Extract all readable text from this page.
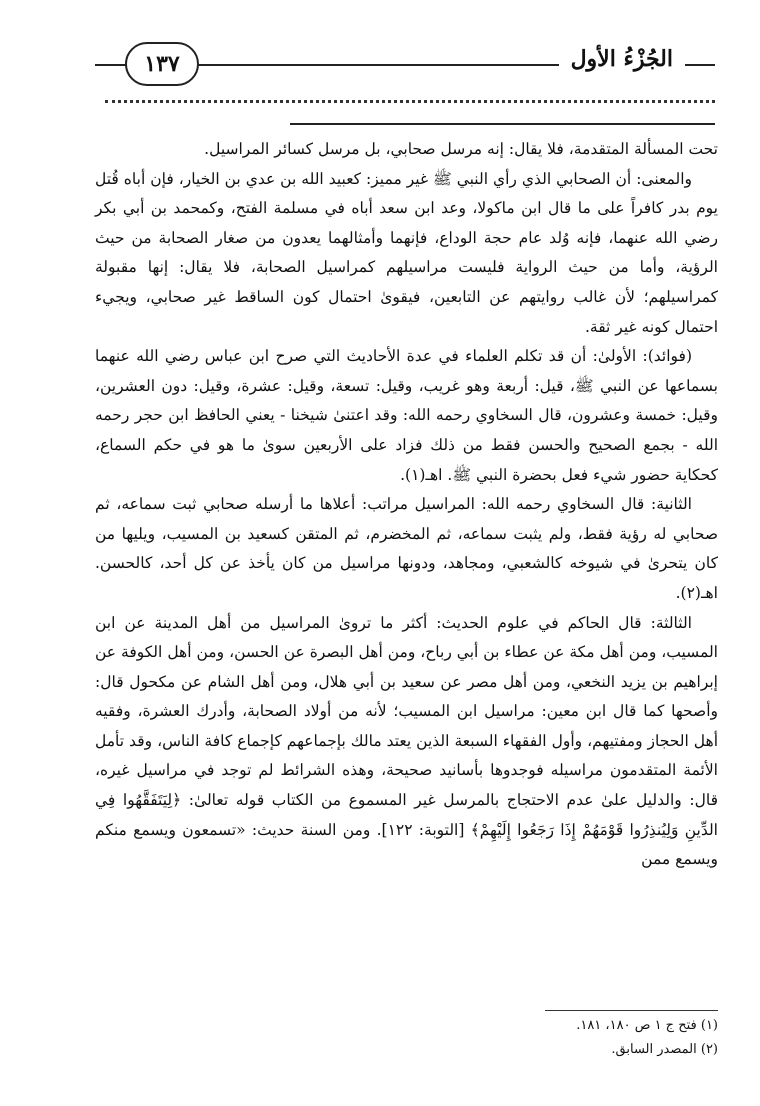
الجُزْءُ الأول
١٣٧

تحت المسألة المتقدمة، فلا يقال: إنه مرسل صحابي، بل مرسل كسائر المراسيل.

والمعنى: أن الصحابي الذي رأي النبي ﷺ غير مميز: كعبيد الله بن عدي بن الخيار، فإن أباه قُتل يوم بدر كافراً على ما قال ابن ماكولا، وعد ابن سعد أباه في مسلمة الفتح، وكمحمد بن أبي بكر رضي الله عنهما، فإنه وُلد عام حجة الوداع، فإنهما وأمثالهما يعدون من صغار الصحابة من حيث الرؤية، وأما من حيث الرواية فليست مراسيلهم كمراسيل الصحابة، فلا يقال: إنها مقبولة كمراسيلهم؛ لأن غالب روايتهم عن التابعين، فيقوىٰ احتمال كون الساقط غير صحابي، ويجيء احتمال كونه غير ثقة.

(فوائد): الأولىٰ: أن قد تكلم العلماء في عدة الأحاديث التي صرح ابن عباس رضي الله عنهما بسماعها عن النبي ﷺ، قيل: أربعة وهو غريب، وقيل: تسعة، وقيل: عشرة، وقيل: دون العشرين، وقيل: خمسة وعشرون، قال السخاوي رحمه الله: وقد اعتنىٰ شيخنا - يعني الحافظ ابن حجر رحمه الله - بجمع الصحيح والحسن فقط من ذلك فزاد على الأربعين سوىٰ ما هو في حكم السماع، كحكاية حضور شيء فعل بحضرة النبي ﷺ. اهـ(١).

الثانية: قال السخاوي رحمه الله: المراسيل مراتب: أعلاها ما أرسله صحابي ثبت سماعه، ثم صحابي له رؤية فقط، ولم يثبت سماعه، ثم المخضرم، ثم المتقن كسعيد بن المسيب، ويليها من كان يتحرىٰ في شيوخه كالشعبي، ومجاهد، ودونها مراسيل من كان يأخذ عن كل أحد، كالحسن. اهـ(٢).

الثالثة: قال الحاكم في علوم الحديث: أكثر ما تروىٰ المراسيل من أهل المدينة عن ابن المسيب، ومن أهل مكة عن عطاء بن أبي رباح، ومن أهل البصرة عن الحسن، ومن أهل الكوفة عن إبراهيم بن يزيد النخعي، ومن أهل مصر عن سعيد بن أبي هلال، ومن أهل الشام عن مكحول قال: وأصحها كما قال ابن معين: مراسيل ابن المسيب؛ لأنه من أولاد الصحابة، وأدرك العشرة، وفقيه أهل الحجاز ومفتيهم، وأول الفقهاء السبعة الذين يعتد مالك بإجماعهم كإجماع كافة الناس، وقد تأمل الأئمة المتقدمون مراسيله فوجدوها بأسانيد صحيحة، وهذه الشرائط لم توجد في مراسيل غيره، قال: والدليل علىٰ عدم الاحتجاج بالمرسل غير المسموع من الكتاب قوله تعالىٰ: ﴿لِيَتَفَقَّهُوا فِي الدِّينِ وَلِيُنذِرُوا قَوْمَهُمْ إِذَا رَجَعُوا إِلَيْهِمْ﴾ [التوبة: ١٢٢]. ومن السنة حديث: «تسمعون ويسمع منكم ويسمع ممن

(١) فتح ج ١ ص ١٨٠، ١٨١.

(٢) المصدر السابق.
